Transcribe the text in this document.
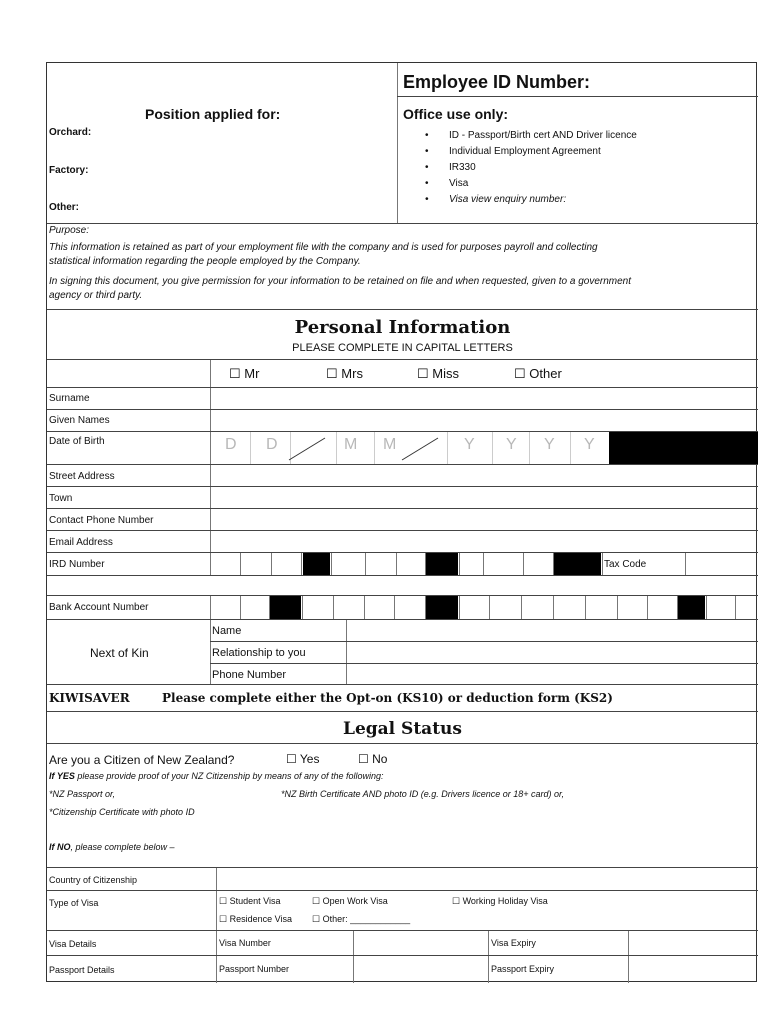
Employee ID Number:
Position applied for:
Orchard:
Factory:
Other:
Office use only:
• ID - Passport/Birth cert AND Driver licence
• Individual Employment Agreement
• IR330
• Visa
• Visa view enquiry number:
Purpose:
This information is retained as part of your employment file with the company and is used for purposes payroll and collecting
statistical information regarding the people employed by the Company.
In signing this document, you give permission for your information to be retained on file and when requested, given to a government
agency or third party.
Personal Information
PLEASE COMPLETE IN CAPITAL LETTERS
☐ Mr	☐ Mrs	☐ Miss	☐ Other
Surname
Given Names
Date of Birth	D D	M M	Y Y Y Y
Street Address
Town
Contact Phone Number
Email Address
IRD Number	Tax Code
Bank Account Number
Next of Kin
Name
Relationship to you
Phone Number
KIWISAVER	Please complete either the Opt-on (KS10) or deduction form (KS2)
Legal Status
Are you a Citizen of New Zealand?	☐ Yes	☐ No
If YES please provide proof of your NZ Citizenship by means of any of the following:
*NZ Passport or,	*NZ Birth Certificate AND photo ID (e.g. Drivers licence or 18+ card) or,
*Citizenship Certificate with photo ID
If NO, please complete below –
Country of Citizenship
Type of Visa	☐ Student Visa	☐ Open Work Visa	☐ Working Holiday Visa
☐ Residence Visa ☐ Other: ____________
Visa Details	Visa Number	Visa Expiry
Passport Details	Passport Number	Passport Expiry
